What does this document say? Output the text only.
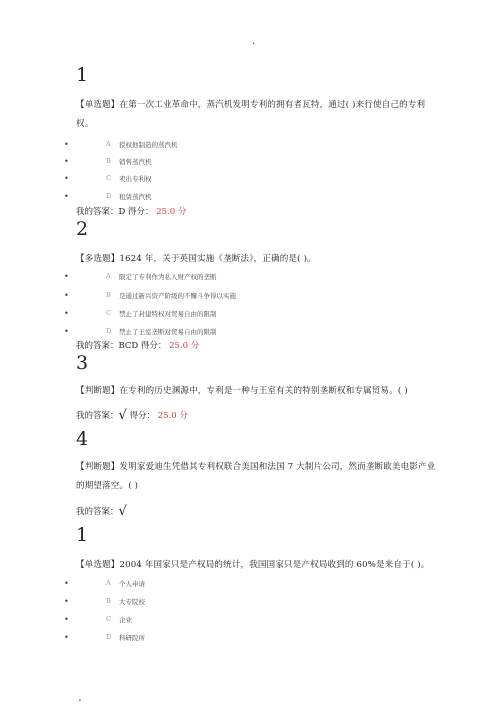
.
1
【单选题】在第一次工业革命中，蒸汽机发明专利的拥有者瓦特，通过( )来行使自己的专利权。
•	A 授权他制造的蒸汽机
•	B 销售蒸汽机
•	C 卖出专利权
•	D 租赁蒸汽机
我的答案：D 得分： 25.0 分
2
【多选题】1624 年，关于英国实施《垄断法》，正确的是( )。
•	A 限定了专利作为私人财产权的垄断
•	B 是通过新兴资产阶级的不懈斗争得以实施
•	C 禁止了封建特权对贸易自由的限制
•	D 禁止了王室垄断对贸易自由的限制
我的答案：BCD 得分： 25.0 分
3
【判断题】在专利的历史渊源中，专利是一种与王室有关的特别垄断权和专属贸易。( )
我的答案：√ 得分： 25.0 分
4
【判断题】发明家爱迪生凭借其专利权联合美国和法国 7 大制片公司，然而垄断欧美电影产业的期望落空。( )
我的答案：√
1
【单选题】2004 年国家只是产权局的统计，我国国家只是产权局收到的 60%是来自于( )。
•	A 个人申请
•	B 大专院校
•	C 企业
•	D 科研院所
.
